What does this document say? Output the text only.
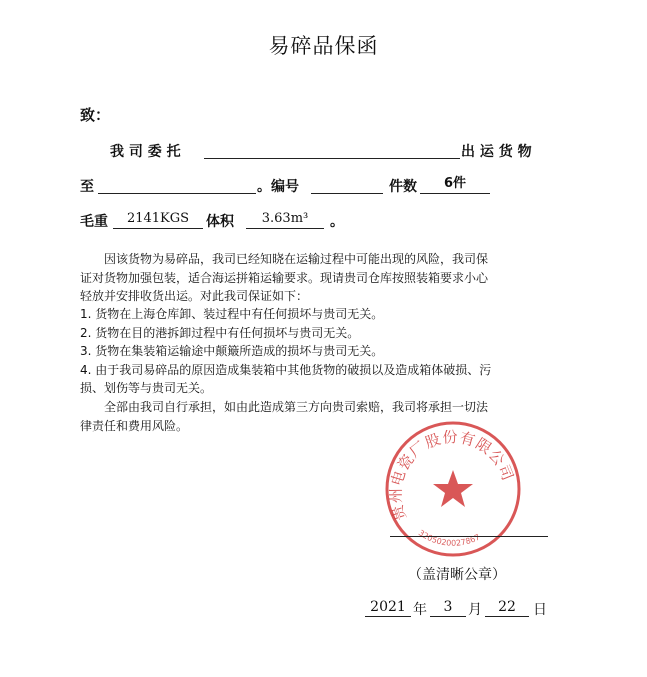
易碎品保函
致：
我 司 委 托	出 运 货 物
至	。编号	件数	6件
毛重	2141KGS	体积	3.63m³	。
因该货物为易碎品，我司已经知晓在运输过程中可能出现的风险，我司保
证对货物加强包装，适合海运拼箱运输要求。现请贵司仓库按照装箱要求小心
轻放并安排收货出运。对此我司保证如下：
1. 货物在上海仓库卸、装过程中有任何损坏与贵司无关。
2. 货物在目的港拆卸过程中有任何损坏与贵司无关。
3. 货物在集装箱运输途中颠簸所造成的损坏与贵司无关。
4. 由于我司易碎品的原因造成集装箱中其他货物的破损以及造成箱体破损、污
损、划伤等与贵司无关。
全部由我司自行承担，如由此造成第三方向贵司索赔，我司将承担一切法
律责任和费用风险。
贵州电瓷厂股份有限公司
3205020027867
（盖清晰公章）
2021 年	3	月	22	日
